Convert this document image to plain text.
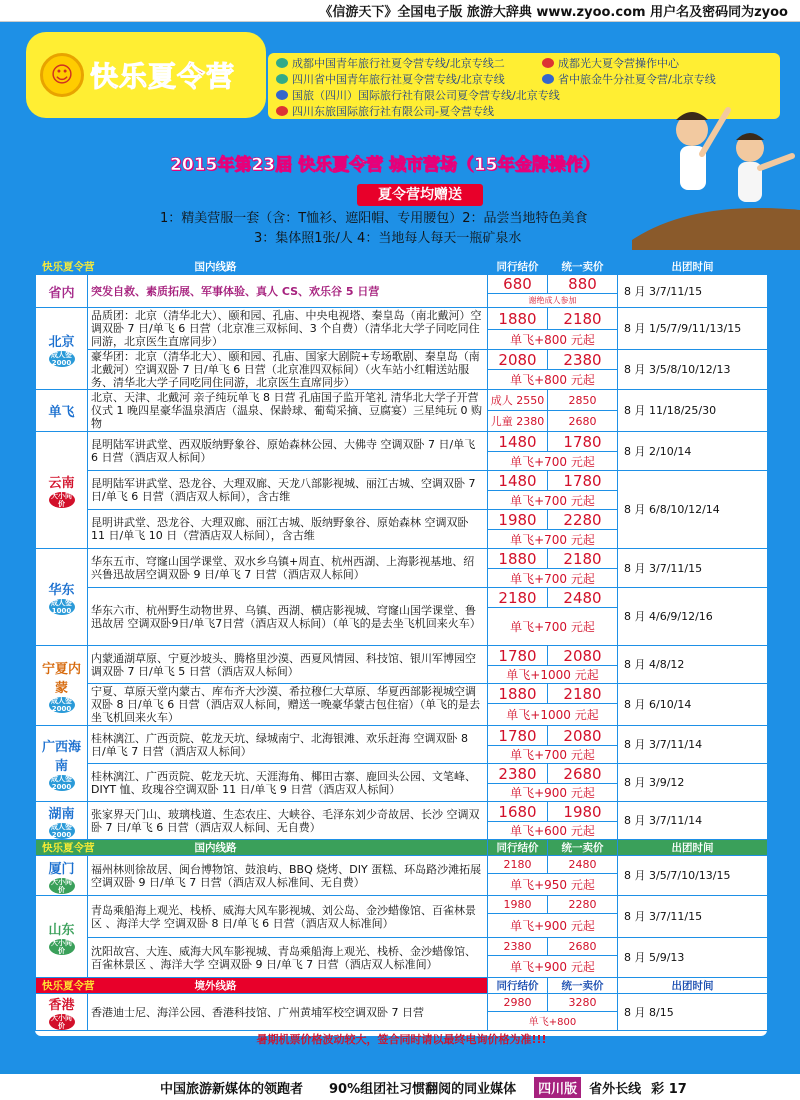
《信游天下》全国电子版 旅游大辞典 www.zyoo.com 用户名及密码同为zyoo
☺ 快乐夏令营	成都中国青年旅行社夏令营专线/北京专线二	成都光大夏令营操作中心
四川省中国青年旅行社夏令营专线/北京专线	省中旅金牛分社夏令营/北京专线
国旅（四川）国际旅行社有限公司夏令营专线/北京专线
四川东旅国际旅行社有限公司-夏令营专线
2015年第23届 快乐夏令营 城市营场（15年金牌操作）
夏令营均赠送
1：精美营服一套（含：T恤衫、遮阳帽、专用腰包）2：品尝当地特色美食
3：集体照1张/人 4：当地每人每天一瓶矿泉水
快乐夏令营 国内线路		同行结价	统一卖价	出团时间
省内	突发自救、素质拓展、军事体验、真人 CS、欢乐谷 5 日营	680	880	8 月 3/7/11/15
		谢绝成人参加		
北京
成人签 2000	品质团：北京（清华北大）、颐和园、孔庙、中央电视塔、秦皇岛（南北戴河）空调双卧 7 日/单飞 6 日营（北京准三双标间、3 个自费）（清华北大学子同吃同住同游，北京医生直席同步）	1880	2180	8 月 1/5/7/9/11/13/15
		单飞+800 元起		
	豪华团：北京（清华北大）、颐和园、孔庙、国家大剧院+专场歌剧、秦皇岛（南北戴河）空调双卧 7 日/单飞 6 日营（北京准四双标间）（火车站小红帽送站服务、清华北大学子同吃同住同游，北京医生直席同步）	2080	2380	8 月 3/5/8/10/12/13
		单飞+800 元起		
单飞	北京、天津、北戴河 亲子纯玩单飞 8 日营 孔庙国子监开笔礼 清华北大学子开营仪式 1 晚四星豪华温泉酒店（温泉、保龄球、葡萄采摘、豆腐宴）三星纯玩 0 购物	成人 2550	2850	8 月 11/18/25/30
		儿童 2380	2680	
云南
大小同价	昆明陆军讲武堂、西双版纳野象谷、原始森林公园、大佛寺 空调双卧 7 日/单飞 6 日营（酒店双人标间）	1480	1780	8 月 2/10/14
		单飞+700 元起		
	昆明陆军讲武堂、恐龙谷、大理双廊、天龙八部影视城、丽江古城、空调双卧 7 日/单飞 6 日营（酒店双人标间），含古维	1480	1780	8 月 6/8/10/12/14
		单飞+700 元起		
	昆明讲武堂、恐龙谷、大理双廊、丽江古城、版纳野象谷、原始森林 空调双卧 11 日/单飞 10 日（营酒店双人标间），含古维	1980	2280	
		单飞+700 元起		
华东
成人签 1000	华东五市、穹窿山国学课堂、双水乡乌镇+周直、杭州西湖、上海影视基地、绍兴鲁迅故居空调双卧 9 日/单飞 7 日营（酒店双人标间）	1880	2180	8 月 3/7/11/15
		单飞+700 元起		
	华东六市、杭州野生动物世界、乌镇、西湖、横店影视城、穹窿山国学课堂、鲁迅故居 空调双卧9日/单飞7日营（酒店双人标间）（单飞的是去坐飞机回来火车）	2180	2480	8 月 4/6/9/12/16
		单飞+700 元起		
宁夏内蒙
成人签 2000	内蒙通湖草原、宁夏沙坡头、腾格里沙漠、西夏风情园、科技馆、银川军博园空调双卧 7 日/单飞 5 日营（酒店双人标间）	1780	2080	8 月 4/8/12
		单飞+1000 元起		
	宁夏、草原天堂内蒙古、库布齐大沙漠、希拉穆仁大草原、华夏西部影视城空调双卧 8 日/单飞 6 日营（酒店双人标间，赠送一晚豪华蒙古包住宿）（单飞的是去坐飞机回来火车）	1880	2180	8 月 6/10/14
		单飞+1000 元起		
广西海南
成人签 2000	桂林漓江、广西贡院、乾龙天坑、绿城南宁、北海银滩、欢乐赶海 空调双卧 8 日/单飞 7 日营（酒店双人标间）	1780	2080	8 月 3/7/11/14
		单飞+700 元起		
	桂林漓江、广西贡院、乾龙天坑、天涯海角、椰田古寨、鹿回头公园、文笔峰、DIYT 恤、玫瑰谷空调双卧 11 日/单飞 9 日营（酒店双人标间）	2380	2680	8 月 3/9/12
		单飞+900 元起		
湖南
成人签 2000	张家界天门山、玻璃栈道、生态农庄、大峡谷、毛泽东刘少奇故居、长沙 空调双卧 7 日/单飞 6 日营（酒店双人标间、无自费）	1680	1980	8 月 3/7/11/14
		单飞+600 元起		
快乐夏令营 国内线路		同行结价	统一卖价	出团时间
厦门
大小同价	福州林则徐故居、闽台博物馆、鼓浪屿、BBQ 烧烤、DIY 蛋糕、环岛路沙滩拓展 空调双卧 9 日/单飞 7 日营（酒店双人标准间、无自费）	2180	2480	8 月 3/5/7/10/13/15
		单飞+950 元起		
山东
大小同价	青岛乘船海上观光、栈桥、威海大风车影视城、刘公岛、金沙蜡像馆、百雀林景区 、海洋大学 空调双卧 8 日/单飞 6 日营（酒店双人标准间）	1980	2280	8 月 3/7/11/15
		单飞+900 元起		
	沈阳故宫、大连、威海大风车影视城、青岛乘船海上观光、栈桥、金沙蜡像馆、百雀林景区 、海洋大学 空调双卧 9 日/单飞 7 日营（酒店双人标准间）	2380	2680	8 月 5/9/13
		单飞+900 元起		
快乐夏令营 境外线路		同行结价	统一卖价	出团时间
香港
大小同价	香港迪士尼、海洋公园、香港科技馆、广州黄埔军校空调双卧 7 日营	2980	3280	8 月 8/15
		单飞+800		
暑期机票价格波动较大，签合同时请以最终电询价格为准!!!				
中国旅游新媒体的领跑者 90%组团社习惯翻阅的同业媒体	四川版 省外长线 彩 17
